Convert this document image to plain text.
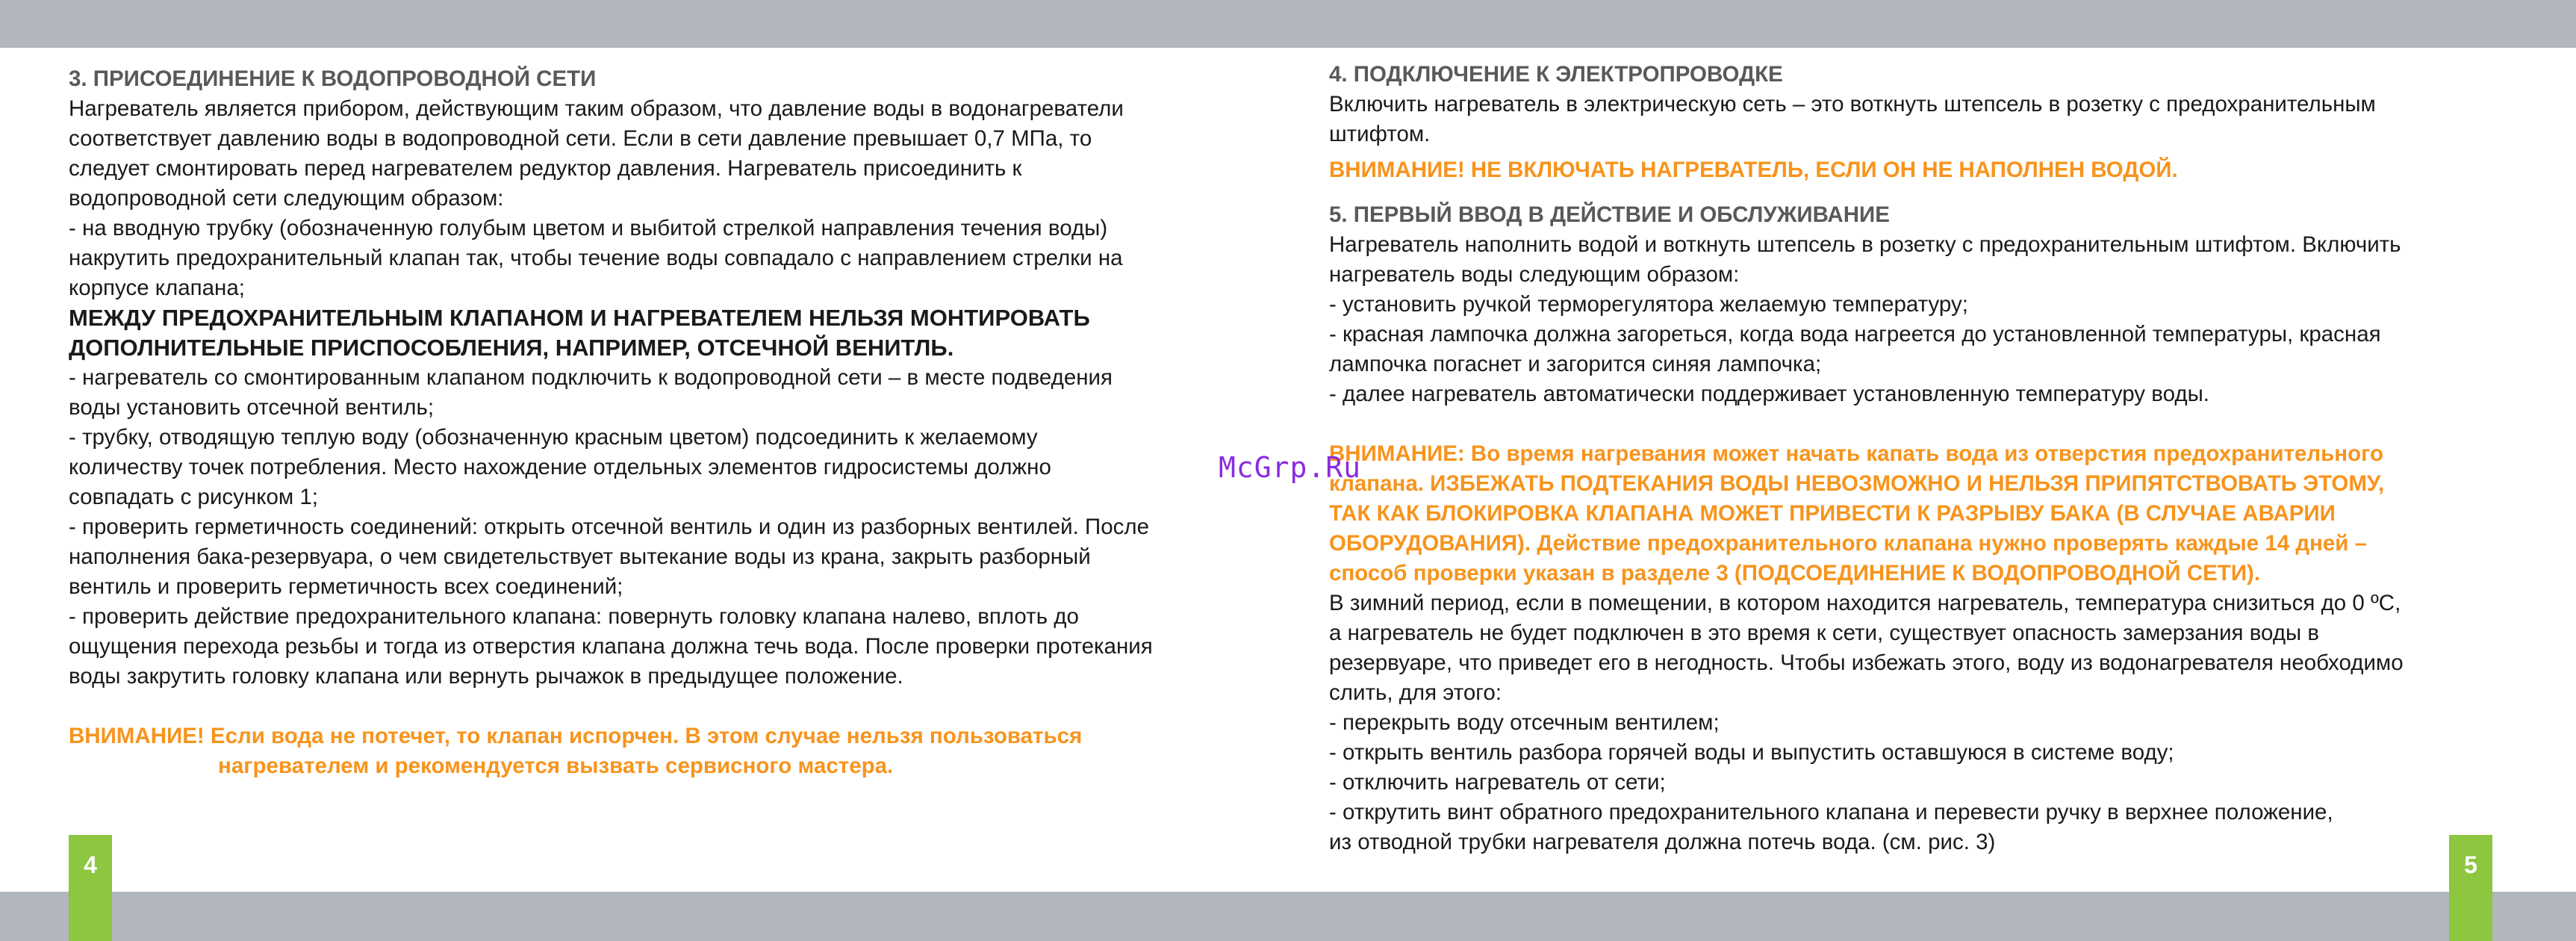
3. ПРИСОЕДИНЕНИЕ К ВОДОПРОВОДНОЙ СЕТИ

Нагреватель является прибором, действующим таким образом, что давление воды в водонагреватели
соответствует давлению воды в водопроводной сети. Если в сети давление превышает 0,7 МПа, то
следует смонтировать перед нагревателем редуктор давления. Нагреватель присоединить к
водопроводной сети следующим образом:

- на вводную трубку (обозначенную голубым цветом и выбитой стрелкой направления течения воды)
накрутить предохранительный клапан так, чтобы течение воды совпадало с направлением стрелки на
корпусе клапана;

МЕЖДУ ПРЕДОХРАНИТЕЛЬНЫМ КЛАПАНОМ И НАГРЕВАТЕЛЕМ НЕЛЬЗЯ МОНТИРОВАТЬ
ДОПОЛНИТЕЛЬНЫЕ ПРИСПОСОБЛЕНИЯ, НАПРИМЕР, ОТСЕЧНОЙ ВЕНИТЛЬ.

- нагреватель со смонтированным клапаном подключить к водопроводной сети – в месте подведения
воды установить отсечной вентиль;

- трубку, отводящую теплую воду (обозначенную красным цветом) подсоединить к желаемому
количеству точек потребления. Место нахождение отдельных элементов гидросистемы должно
совпадать с рисунком 1;

- проверить герметичность соединений: открыть отсечной вентиль и один из разборных вентилей. После
наполнения бака-резервуара, о чем свидетельствует вытекание воды из крана, закрыть разборный
вентиль и проверить герметичность всех соединений;

- проверить действие предохранительного клапана: повернуть головку клапана налево, вплоть до
ощущения перехода резьбы и тогда из отверстия клапана должна течь вода. После проверки протекания
воды закрутить головку клапана или вернуть рычажок в предыдущее положение.

ВНИМАНИЕ! Если вода не потечет, то клапан испорчен. В этом случае нельзя пользоваться

нагревателем и рекомендуется вызвать сервисного мастера.

4. ПОДКЛЮЧЕНИЕ К ЭЛЕКТРОПРОВОДКЕ

Включить нагреватель в электрическую сеть – это воткнуть штепсель в розетку с предохранительным
штифтом.

ВНИМАНИЕ! НЕ ВКЛЮЧАТЬ НАГРЕВАТЕЛЬ, ЕСЛИ ОН НЕ НАПОЛНЕН ВОДОЙ.

5. ПЕРВЫЙ ВВОД В ДЕЙСТВИЕ И ОБСЛУЖИВАНИЕ

Нагреватель наполнить водой и воткнуть штепсель в розетку с предохранительным штифтом. Включить
нагреватель воды следующим образом:

- установить ручкой терморегулятора желаемую температуру;

- красная лампочка должна загореться, когда вода нагреется до установленной температуры, красная
лампочка погаснет и загорится синяя лампочка;

- далее нагреватель автоматически поддерживает установленную температуру воды.

ВНИМАНИЕ: Во время нагревания может начать капать вода из отверстия предохранительного
клапана. ИЗБЕЖАТЬ ПОДТЕКАНИЯ ВОДЫ НЕВОЗМОЖНО И НЕЛЬЗЯ ПРИПЯТСТВОВАТЬ ЭТОМУ,
ТАК КАК БЛОКИРОВКА КЛАПАНА МОЖЕТ ПРИВЕСТИ К РАЗРЫВУ БАКА (В СЛУЧАЕ АВАРИИ
ОБОРУДОВАНИЯ). Действие предохранительного клапана нужно проверять каждые 14 дней –
способ проверки указан в разделе 3 (ПОДСОЕДИНЕНИЕ К ВОДОПРОВОДНОЙ СЕТИ).

В зимний период, если в помещении, в котором находится нагреватель, температура снизиться до 0 ºC,
а нагреватель не будет подключен в это время к сети, существует опасность замерзания воды в
резервуаре, что приведет его в негодность. Чтобы избежать этого, воду из водонагревателя необходимо
слить, для этого:

- перекрыть воду отсечным вентилем;

- открыть вентиль разбора горячей воды и выпустить оставшуюся в системе воду;

- отключить нагреватель от сети;

- открутить винт обратного предохранительного клапана и перевести ручку в верхнее положение,
из отводной трубки нагревателя должна потечь вода. (см. рис. 3)

McGrp.Ru
4	5
